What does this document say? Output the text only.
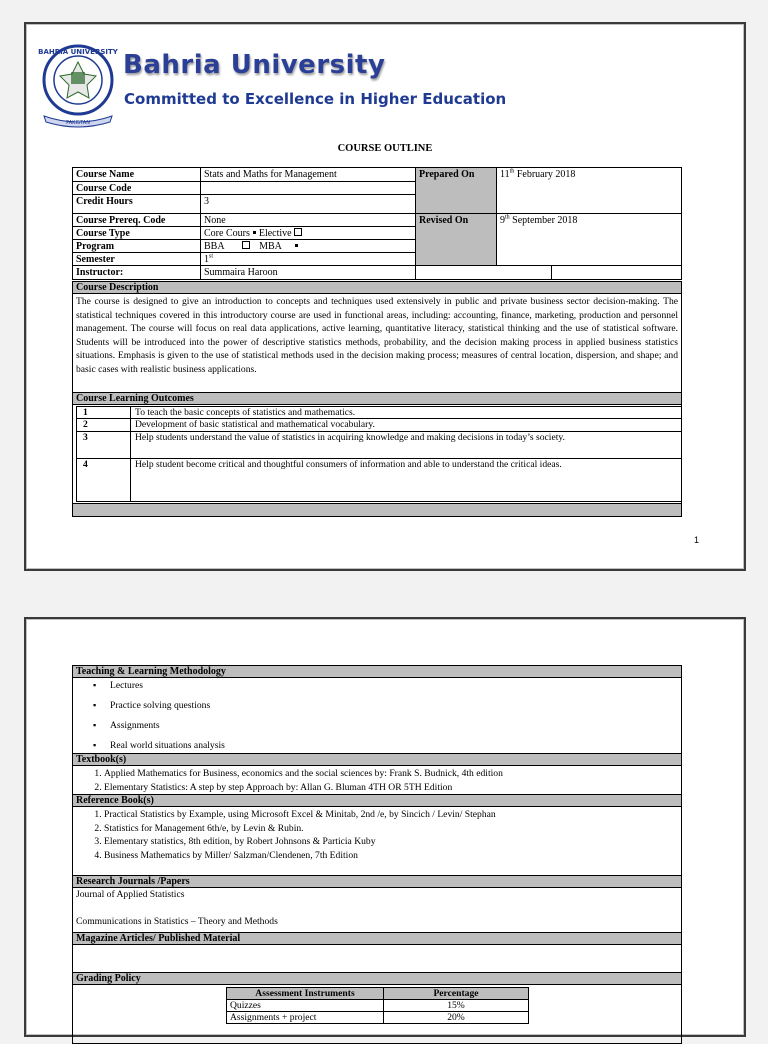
BAHRIA UNIVERSITY
PAKISTAN
Bahria University
Committed to Excellence in Higher Education
COURSE OUTLINE
Course Name	Stats and Maths for Management
Course Code
Credit Hours	3
Prepared On	11th February 2018
Course Prereq. Code	None
Course Type	Core Cours Elective
Program	BBA	MBA
Semester	1st
Instructor:	Summaira Haroon
Revised On	9th September 2018
Course Description
The course is designed to give an introduction to concepts and techniques used extensively in public and private business sector decision-making. The statistical techniques covered in this introductory course are used in functional areas, including: accounting, finance, marketing, production and personnel management. The course will focus on real data applications, active learning, quantitative literacy, statistical thinking and the use of statistical software. Students will be introduced into the power of descriptive statistics methods, probability, and the decision making process in applied business statistics situations. Emphasis is given to the use of statistical methods used in the decision making process; measures of central location, dispersion, and shape; and basic cases with realistic business applications.
Course Learning Outcomes
1	To teach the basic concepts of statistics and mathematics.
2	Development of basic statistical and mathematical vocabulary.
3	Help students understand the value of statistics in acquiring knowledge and making decisions in today’s society.
4	Help student become critical and thoughtful consumers of information and able to understand the critical ideas.
1
Teaching & Learning Methodology
▪ Lectures
▪ Practice solving questions
▪ Assignments
▪ Real world situations analysis
Textbook(s)
1. Applied Mathematics for Business, economics and the social sciences by: Frank S. Budnick, 4th edition
2. Elementary Statistics: A step by step Approach by: Allan G. Bluman 4TH OR 5TH Edition
Reference Book(s)
1. Practical Statistics by Example, using Microsoft Excel & Minitab, 2nd /e, by Sincich / Levin/ Stephan
2. Statistics for Management 6th/e, by Levin & Rubin.
3. Elementary statistics, 8th edition, by Robert Johnsons & Particia Kuby
4. Business Mathematics by Miller/ Salzman/Clendenen, 7th Edition
Research Journals /Papers
Journal of Applied Statistics
Communications in Statistics – Theory and Methods
Magazine Articles/ Published Material
Grading Policy
Assessment Instruments	Percentage
Quizzes	15%
Assignments + project	20%
